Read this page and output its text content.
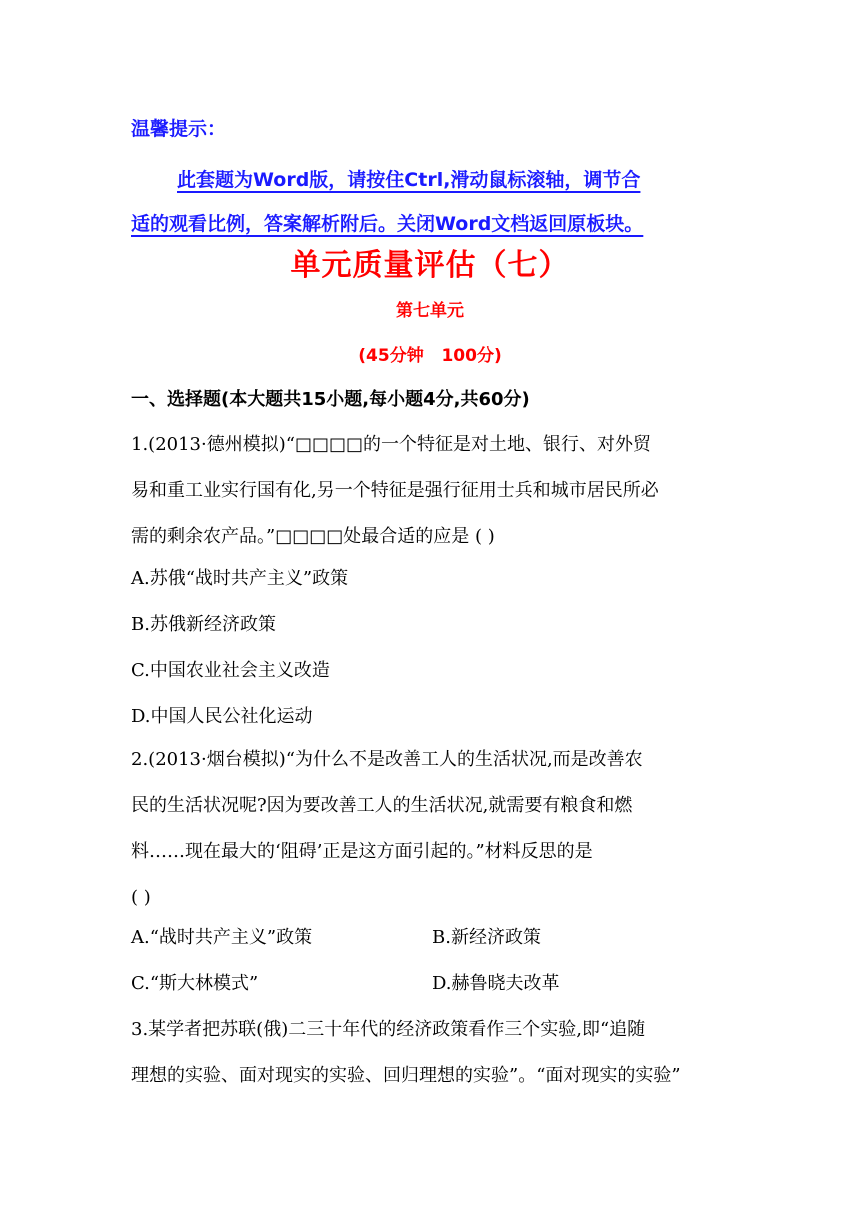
温馨提示：
此套题为Word版，请按住Ctrl,滑动鼠标滚轴，调节合
适的观看比例，答案解析附后。关闭Word文档返回原板块。
单元质量评估（七）
第七单元
(45分钟   100分)
一、选择题(本大题共15小题,每小题4分,共60分)
1.(2013·德州模拟)“□□□□的一个特征是对土地、银行、对外贸
易和重工业实行国有化,另一个特征是强行征用士兵和城市居民所必
需的剩余农产品。”□□□□处最合适的应是 ( )
A.苏俄“战时共产主义”政策
B.苏俄新经济政策
C.中国农业社会主义改造
D.中国人民公社化运动
2.(2013·烟台模拟)“为什么不是改善工人的生活状况,而是改善农
民的生活状况呢?因为要改善工人的生活状况,就需要有粮食和燃
料……现在最大的‘阻碍’正是这方面引起的。”材料反思的是
( )
A.“战时共产主义”政策	B.新经济政策
C.“斯大林模式”	D.赫鲁晓夫改革
3.某学者把苏联(俄)二三十年代的经济政策看作三个实验,即“追随
理想的实验、面对现实的实验、回归理想的实验”。“面对现实的实验”
